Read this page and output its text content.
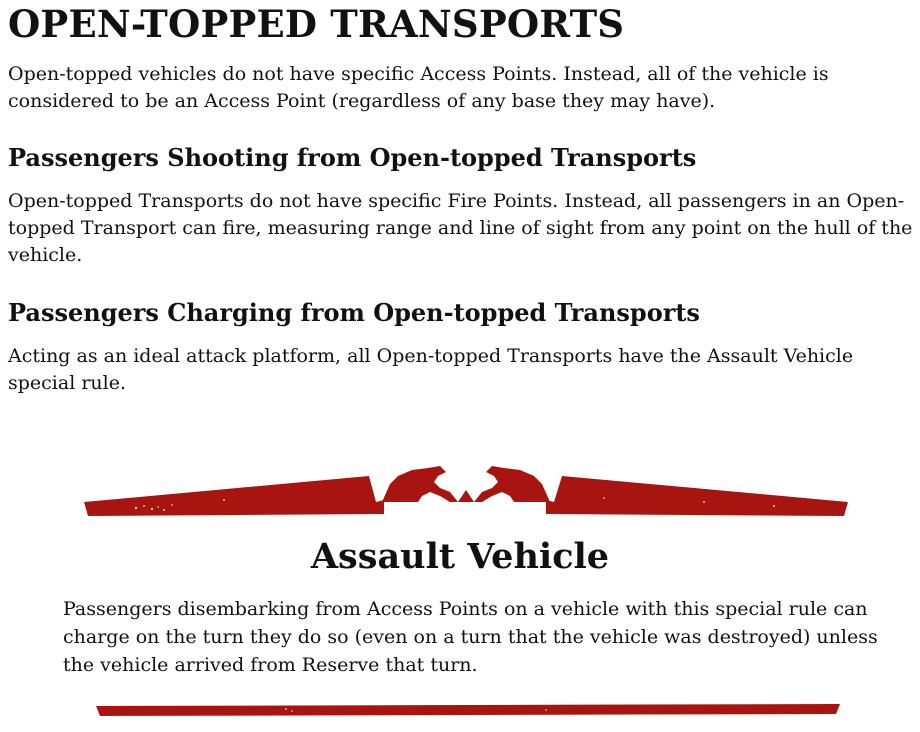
OPEN-TOPPED TRANSPORTS

Open-topped vehicles do not have specific Access Points. Instead, all of the vehicle is considered to be an Access Point (regardless of any base they may have).

Passengers Shooting from Open-topped Transports

Open-topped Transports do not have specific Fire Points. Instead, all passengers in an Open-topped Transport can fire, measuring range and line of sight from any point on the hull of the vehicle.

Passengers Charging from Open-topped Transports

Acting as an ideal attack platform, all Open-topped Transports have the Assault Vehicle special rule.

Assault Vehicle

Passengers disembarking from Access Points on a vehicle with this special rule can charge on the turn they do so (even on a turn that the vehicle was destroyed) unless the vehicle arrived from Reserve that turn.
